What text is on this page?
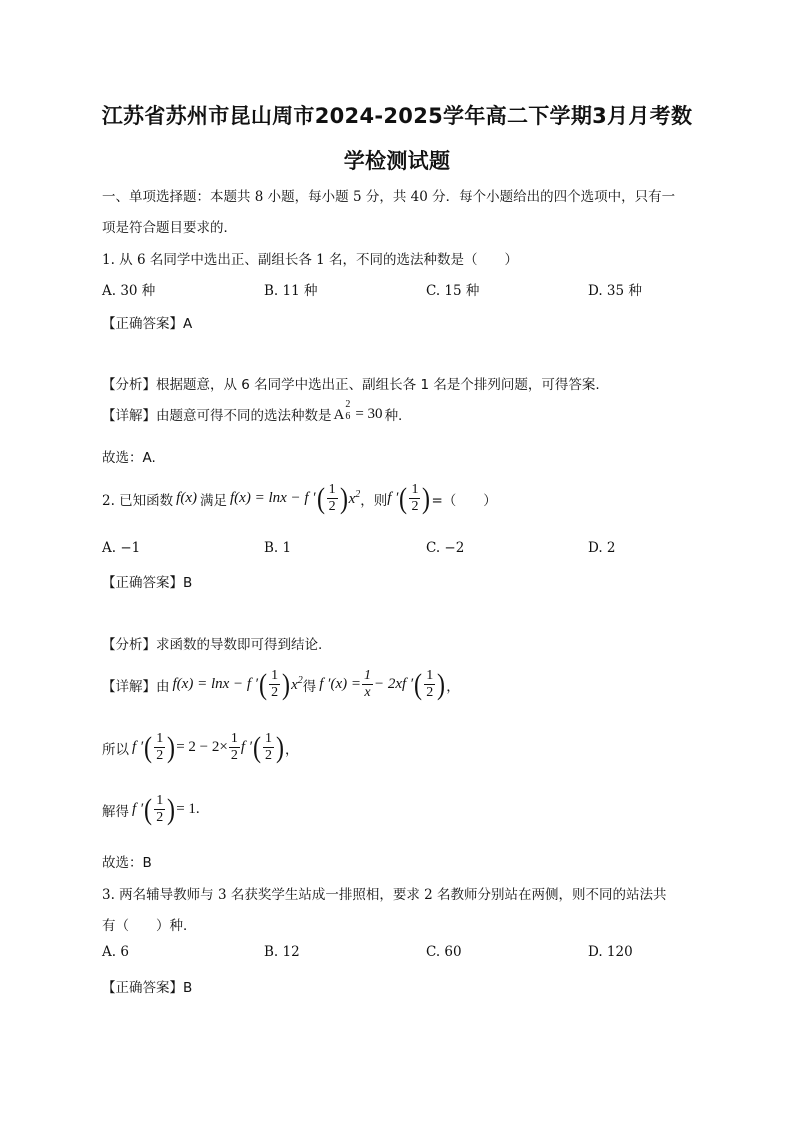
江苏省苏州市昆山周市2024-2025学年高二下学期3月月考数
学检测试题
一、单项选择题：本题共 8 小题，每小题 5 分，共 40 分．每个小题给出的四个选项中，只有一
项是符合题目要求的．
1. 从 6 名同学中选出正、副组长各 1 名，不同的选法种数是（　　）
A. 30 种	B. 11 种	C. 15 种	D. 35 种
【正确答案】A
【分析】根据题意，从 6 名同学中选出正、副组长各 1 名是个排列问题，可得答案.
【详解】 由题意可得不同的选法种数是 A
2
6 = 30 种.
故选：A.
2. 已知函数 f(x) 满足 f(x) = lnx − f ′ ( $\frac{1}{2}$ ) $x^2$ ，则 f ′ ( $\frac{1}{2}$ ) =（　　）
A. −1	B. 1	C. −2	D. 2
【正确答案】B
【分析】求函数的导数即可得到结论.
【详解】 由 f(x) = lnx − f ′ ( $\frac{1}{2}$ ) $x^2$ 得 f $'(x) = \frac{1}{x} - 2xf$ ′ ( $\frac{1}{2}$ ) ，
所以 f ′ ( $\frac{1}{2}$ ) = $2 - 2\times \frac{1}{2}$ f ′ ( $\frac{1}{2}$ ) ，
解得 f ′ ( $\frac{1}{2}$ ) = 1.
故选：B
3. 两名辅导教师与 3 名获奖学生站成一排照相，要求 2 名教师分别站在两侧，则不同的站法共
有（　　）种．
A. 6	B. 12	C. 60	D. 120
【正确答案】B
